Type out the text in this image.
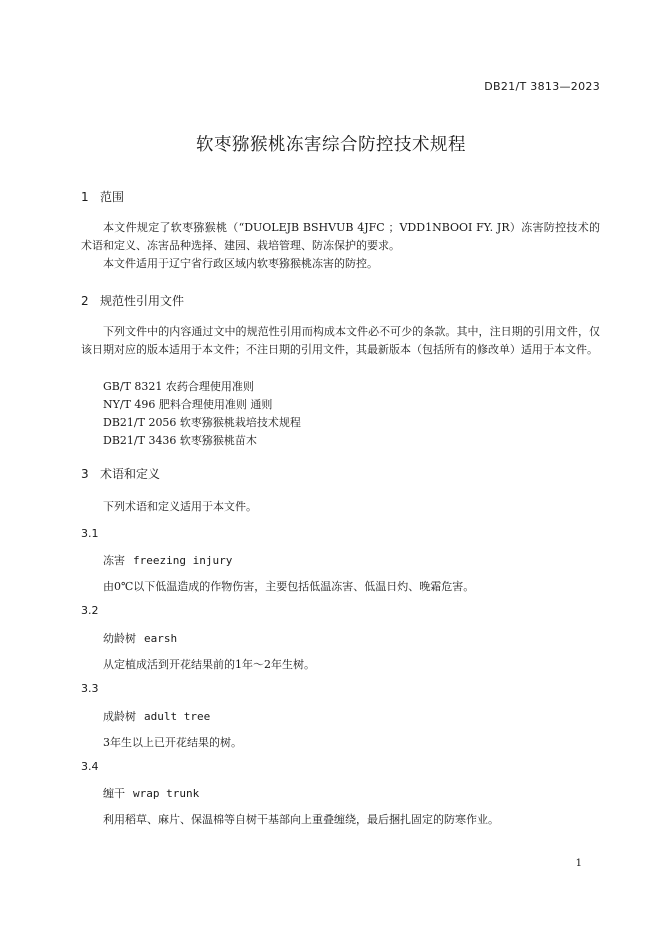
DB21/T 3813—2023
软枣猕猴桃冻害综合防控技术规程
1 范围
本文件规定了软枣猕猴桃（“DUOLEJB BSHVUB 4JFC ；VDD1NBOOI FY. JR）冻害防控技术的术语和定义、冻害品种选择、建园、栽培管理、防冻保护的要求。
本文件适用于辽宁省行政区域内软枣猕猴桃冻害的防控。
2 规范性引用文件
下列文件中的内容通过文中的规范性引用而构成本文件必不可少的条款。其中，注日期的引用文件，仅该日期对应的版本适用于本文件；不注日期的引用文件，其最新版本（包括所有的修改单）适用于本文件。
GB/T 8321 农药合理使用准则
NY/T 496 肥料合理使用准则 通则
DB21/T 2056 软枣猕猴桃栽培技术规程
DB21/T 3436 软枣猕猴桃苗木
3 术语和定义
下列术语和定义适用于本文件。
3.1
冻害 freezing injury
由0℃以下低温造成的作物伤害，主要包括低温冻害、低温日灼、晚霜危害。
3.2
幼龄树 earsh
从定植成活到开花结果前的1年～2年生树。
3.3
成龄树 adult tree
3年生以上已开花结果的树。
3.4
缠干 wrap trunk
利用稻草、麻片、保温棉等自树干基部向上重叠缠绕，最后捆扎固定的防寒作业。
1
